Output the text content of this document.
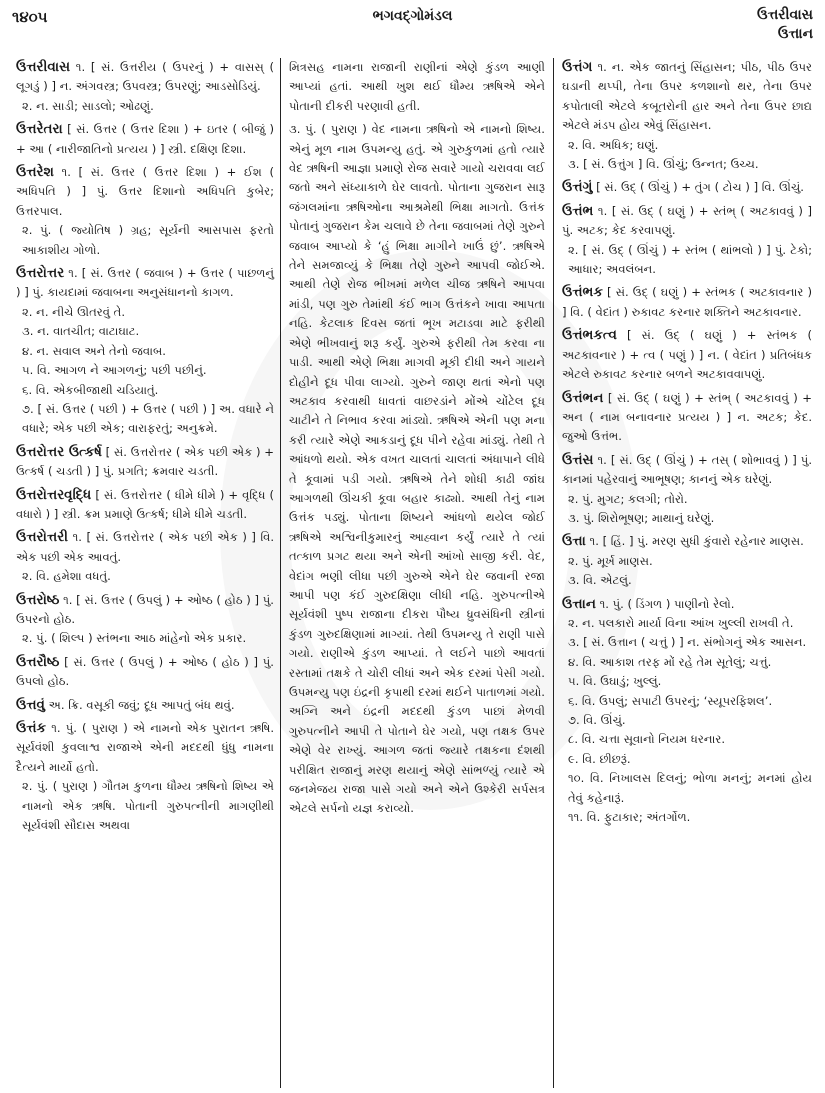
૧૪૦૫	ભગવદ્ગોમંડલ	ઉત્તરીવાસ
ઉત્તાન
ઉત્તરીવાસ ૧. [ સં. ઉત્તરીય ( ઉપરનું ) + વાસસ્ ( લૂગડું ) ] ન. અંગવસ્ત્ર; ઉપવસ્ત્ર; ઉપરણું; આડસોડિયું.
૨. ન. સાડી; સાડલો; ઓઢણું.
ઉત્તરેતરા [ સં. ઉત્તર ( ઉત્તર દિશા ) + ઇતર ( બીજું ) + આ ( નારીજાતિનો પ્રત્યય ) ] સ્ત્રી. દક્ષિણ દિશા.
ઉત્તરેશ ૧. [ સં. ઉત્તર ( ઉત્તર દિશા ) + ઈશ ( અધિપતિ ) ] પું. ઉત્તર દિશાનો અધિપતિ કુબેર; ઉત્તરપાલ.
૨. પું. ( જ્યોતિષ ) ગ્રહ; સૂર્યની આસપાસ ફરતો આકાશીય ગોળો.
ઉત્તરોત્તર ૧. [ સં. ઉત્તર ( જવાબ ) + ઉત્તર ( પાછળનું ) ] પું. કાયદામાં જવાબના અનુસંધાનનો કાગળ.
૨. ન. નીચે ઊતરવું તે.
૩. ન. વાતચીત; વાટાઘાટ.
૪. ન. સવાલ અને તેનો જવાબ.
૫. વિ. આગળ ને આગળનું; પછી પછીનું.
૬. વિ. એકબીજાથી ચડિયાતું.
૭. [ સં. ઉત્તર ( પછી ) + ઉત્તર ( પછી ) ] અ. વધારે ને વધારે; એક પછી એક; વારાફરતું; અનુક્રમે.
ઉત્તરોત્તર ઉત્કર્ષ [ સં. ઉત્તરોત્તર ( એક પછી એક ) + ઉત્કર્ષ ( ચડતી ) ] પું. પ્રગતિ; ક્રમવાર ચડતી.
ઉત્તરોત્તરવૃદ્ધિ [ સં. ઉત્તરોત્તર ( ધીમે ધીમે ) + વૃદ્ધિ ( વધારો ) ] સ્ત્રી. ક્રમ પ્રમાણે ઉત્કર્ષ; ધીમે ધીમે ચડતી.
ઉત્તરોત્તરી ૧. [ સં. ઉત્તરોત્તર ( એક પછી એક ) ] વિ. એક પછી એક આવતું.
૨. વિ. હમેશા વધતું.
ઉત્તરોષ્ઠ ૧. [ સં. ઉત્તર ( ઉપલું ) + ઓષ્ઠ ( હોઠ ) ] પું. ઉપરનો હોઠ.
૨. પું. ( શિલ્પ ) સ્તંભના આઠ માંહેનો એક પ્રકાર.
ઉત્તરૌષ્ઠ [ સં. ઉત્તર ( ઉપલું ) + ઓષ્ઠ ( હોઠ ) ] પું. ઉપલો હોઠ.
ઉત્તવું અ. ક્રિ. વસૂકી જવું; દૂધ આપતું બંધ થવું.
ઉત્તંક ૧. પું. ( પુરાણ ) એ નામનો એક પુરાતન ઋષિ. સૂર્યવંશી કુવલાશ્વ રાજાએ એની મદદથી ધુંધુ નામના દૈત્યને માર્યો હતો.
૨. પું. ( પુરાણ ) ગૌતમ કુળના ધૌમ્ય ઋષિનો શિષ્ય એ નામનો એક ઋષિ. પોતાની ગુરુપત્નીની માગણીથી સૂર્યવંશી સૌદાસ અથવા

મિત્રસહ નામના રાજાની રાણીનાં એણે કુંડળ આણી આપ્યાં હતાં. આથી ખુશ થઈ ધૌમ્ય ઋષિએ એને પોતાની દીકરી પરણાવી હતી.

૩. પું. ( પુરાણ ) વેદ નામના ઋષિનો એ નામનો શિષ્ય. એનું મૂળ નામ ઉપમન્યુ હતું. એ ગુરુકુળમાં હતો ત્યારે વેદ ઋષિની આજ્ઞા પ્રમાણે રોજ સવારે ગાયો ચરાવવા લઈ જતો અને સંધ્યાકાળે ઘેર લાવતો. પોતાના ગુજરાન સારૂ જંગલમાંના ઋષિઓના આશ્રમેથી ભિક્ષા માગતો. ઉત્તંક પોતાનું ગુજરાન કેમ ચલાવે છે તેના જવાબમાં તેણે ગુરુને જવાબ આપ્યો કે ‘હું ભિક્ષા માગીને ખાઉં છું’. ઋષિએ તેને સમજાવ્યું કે ભિક્ષા તેણે ગુરુને આપવી જોઈએ. આથી તેણે રોજ ભીખમાં મળેલ ચીજ ઋષિને આપવા માંડી, પણ ગુરુ તેમાંથી કંઈ ભાગ ઉત્તંકને ખાવા આપતા નહિ. કેટલાક દિવસ જતાં ભૂખ મટાડવા માટે ફરીથી એણે ભીખવાનું શરૂ કર્યું. ગુરુએ ફરીથી તેમ કરવા ના પાડી. આથી એણે ભિક્ષા માગવી મૂકી દીધી અને ગાયને દોહીને દૂધ પીવા લાગ્યો. ગુરુને જાણ થતાં એનો પણ અટકાવ કરવાથી ધાવતાં વાછરડાંને મોંએ ચોંટેલ દૂધ ચાટીને તે નિભાવ કરવા માંડ્યો. ઋષિએ એની પણ મના કરી ત્યારે એણે આકડાનું દૂધ પીને રહેવા માંડ્યું. તેથી તે આંધળો થયો. એક વખત ચાલતાં ચાલતાં અંધાપાને લીધે તે કૂવામાં પડી ગયો. ઋષિએ તેને શોધી કાઢી જાંઘ આગળથી ઊંચકી કૂવા બહાર કાઢ્યો. આથી તેનું નામ ઉત્તંક પડ્યું. પોતાના શિષ્યને આંધળો થયેલ જોઈ ઋષિએ અશ્વિનીકુમારનું આહ્વાન કર્યું ત્યારે તે ત્યાં તત્કાળ પ્રગટ થયા અને એની આંખો સાજી કરી. વેદ, વેદાંગ ભણી લીધા પછી ગુરુએ એને ઘેર જવાની રજા આપી પણ કંઈ ગુરુદક્ષિણા લીધી નહિ. ગુરુપત્નીએ સૂર્યવંશી પુષ્પ રાજાના દીકરા પૌષ્ય ધ્રુવસંધિની સ્ત્રીનાં કુંડળ ગુરુદક્ષિણામાં માગ્યાં. તેથી ઉપમન્યુ તે રાણી પાસે ગયો. રાણીએ કુંડળ આપ્યાં. તે લઈને પાછો આવતાં રસ્તામાં તક્ષકે તે ચોરી લીધાં અને એક દરમાં પેસી ગયો. ઉપમન્યુ પણ ઇંદ્રની કૃપાથી દરમાં થઈને પાતાળમાં ગયો. અગ્નિ અને ઇંદ્રની મદદથી કુંડળ પાછાં મેળવી ગુરુપત્નીને આપી તે પોતાને ઘેર ગયો, પણ તક્ષક ઉપર એણે વેર રાખ્યું. આગળ જતાં જ્યારે તક્ષકના દંશથી પરીક્ષિત રાજાનું મરણ થયાનું એણે સાંભળ્યું ત્યારે એ જનમેજય રાજા પાસે ગયો અને એને ઉશ્કેરી સર્પસત્ર એટલે સર્પનો યજ્ઞ કરાવ્યો.

ઉત્તંગ ૧. ન. એક જાતનું સિંહાસન; પીઠ, પીઠ ઉપર ઘડાની થપ્પી, તેના ઉપર કળશાનો થર, તેના ઉપર કપોતાલી એટલે કબૂતરોની હાર અને તેના ઉપર છાદ્ય એટલે મંડપ હોય એવું સિંહાસન.
૨. વિ. અધિક; ઘણું.
૩. [ સં. ઉત્તુંગ ] વિ. ઊંચું; ઉન્નત; ઉચ્ચ.
ઉત્તંગું [ સં. ઉદ્ ( ઊંચું ) + તુંગ ( ટોચ ) ] વિ. ઊંચું.
ઉત્તંભ ૧. [ સં. ઉદ્ ( ઘણું ) + સ્તંભ્ ( અટકાવવું ) ] પું. અટક; કેદ કરવાપણું.
૨. [ સં. ઉદ્ ( ઊંચું ) + સ્તંભ ( થાંભલો ) ] પું. ટેકો; આધાર; અવલંબન.
ઉત્તંભક [ સં. ઉદ્ ( ઘણું ) + સ્તંભક ( અટકાવનાર ) ] વિ. ( વેદાંત ) રુકાવટ કરનાર શક્તિને અટકાવનાર.
ઉત્તંભકત્વ [ સં. ઉદ્ ( ઘણું ) + સ્તંભક ( અટકાવનાર ) + ત્વ ( પણું ) ] ન. ( વેદાંત ) પ્રતિબંધક એટલે રુકાવટ કરનાર બળને અટકાવવાપણું.
ઉત્તંભન [ સં. ઉદ્ ( ઘણું ) + સ્તંભ્ ( અટકાવવું ) + અન ( નામ બનાવનાર પ્રત્યય ) ] ન. અટક; કેદ. જુઓ ઉત્તંભ.
ઉત્તંસ ૧. [ સં. ઉદ્ ( ઊંચું ) + તસ્ ( શોભાવવું ) ] પું. કાનમાં પહેરવાનું આભૂષણ; કાનનું એક ઘરેણું.
૨. પું. મુગટ; કલગી; તોરો.
૩. પું. શિરોભૂષણ; માથાનું ઘરેણું.
ઉત્તા ૧. [ હિં. ] પું. મરણ સુધી કુંવારો રહેનાર માણસ.
૨. પું. મૂર્ખ માણસ.
૩. વિ. એટલું.
ઉત્તાન ૧. પું. ( ડિંગળ ) પાણીનો રેલો.
૨. ન. પલકારો માર્યા વિના આંખ ખુલ્લી રાખવી તે.
૩. [ સં. ઉત્તાન ( ચત્તું ) ] ન. સંભોગનું એક આસન.
૪. વિ. આકાશ તરફ મોં રહે તેમ સૂતેલું; ચત્તું.
૫. વિ. ઉઘાડું; ખુલ્લું.
૬. વિ. ઉપલું; સપાટી ઉપરનું; ‘સ્યૂપરફિશલ’.
૭. વિ. ઊંચું.
૮. વિ. ચત્તા સૂવાનો નિયમ ધરનાર.
૯. વિ. છીછરૂં.
૧૦. વિ. નિખાલસ દિલનું; ભોળા મનનું; મનમાં હોય તેવું કહેનારૂં.
૧૧. વિ. ફુટાકાર; અંતર્ગોળ.
